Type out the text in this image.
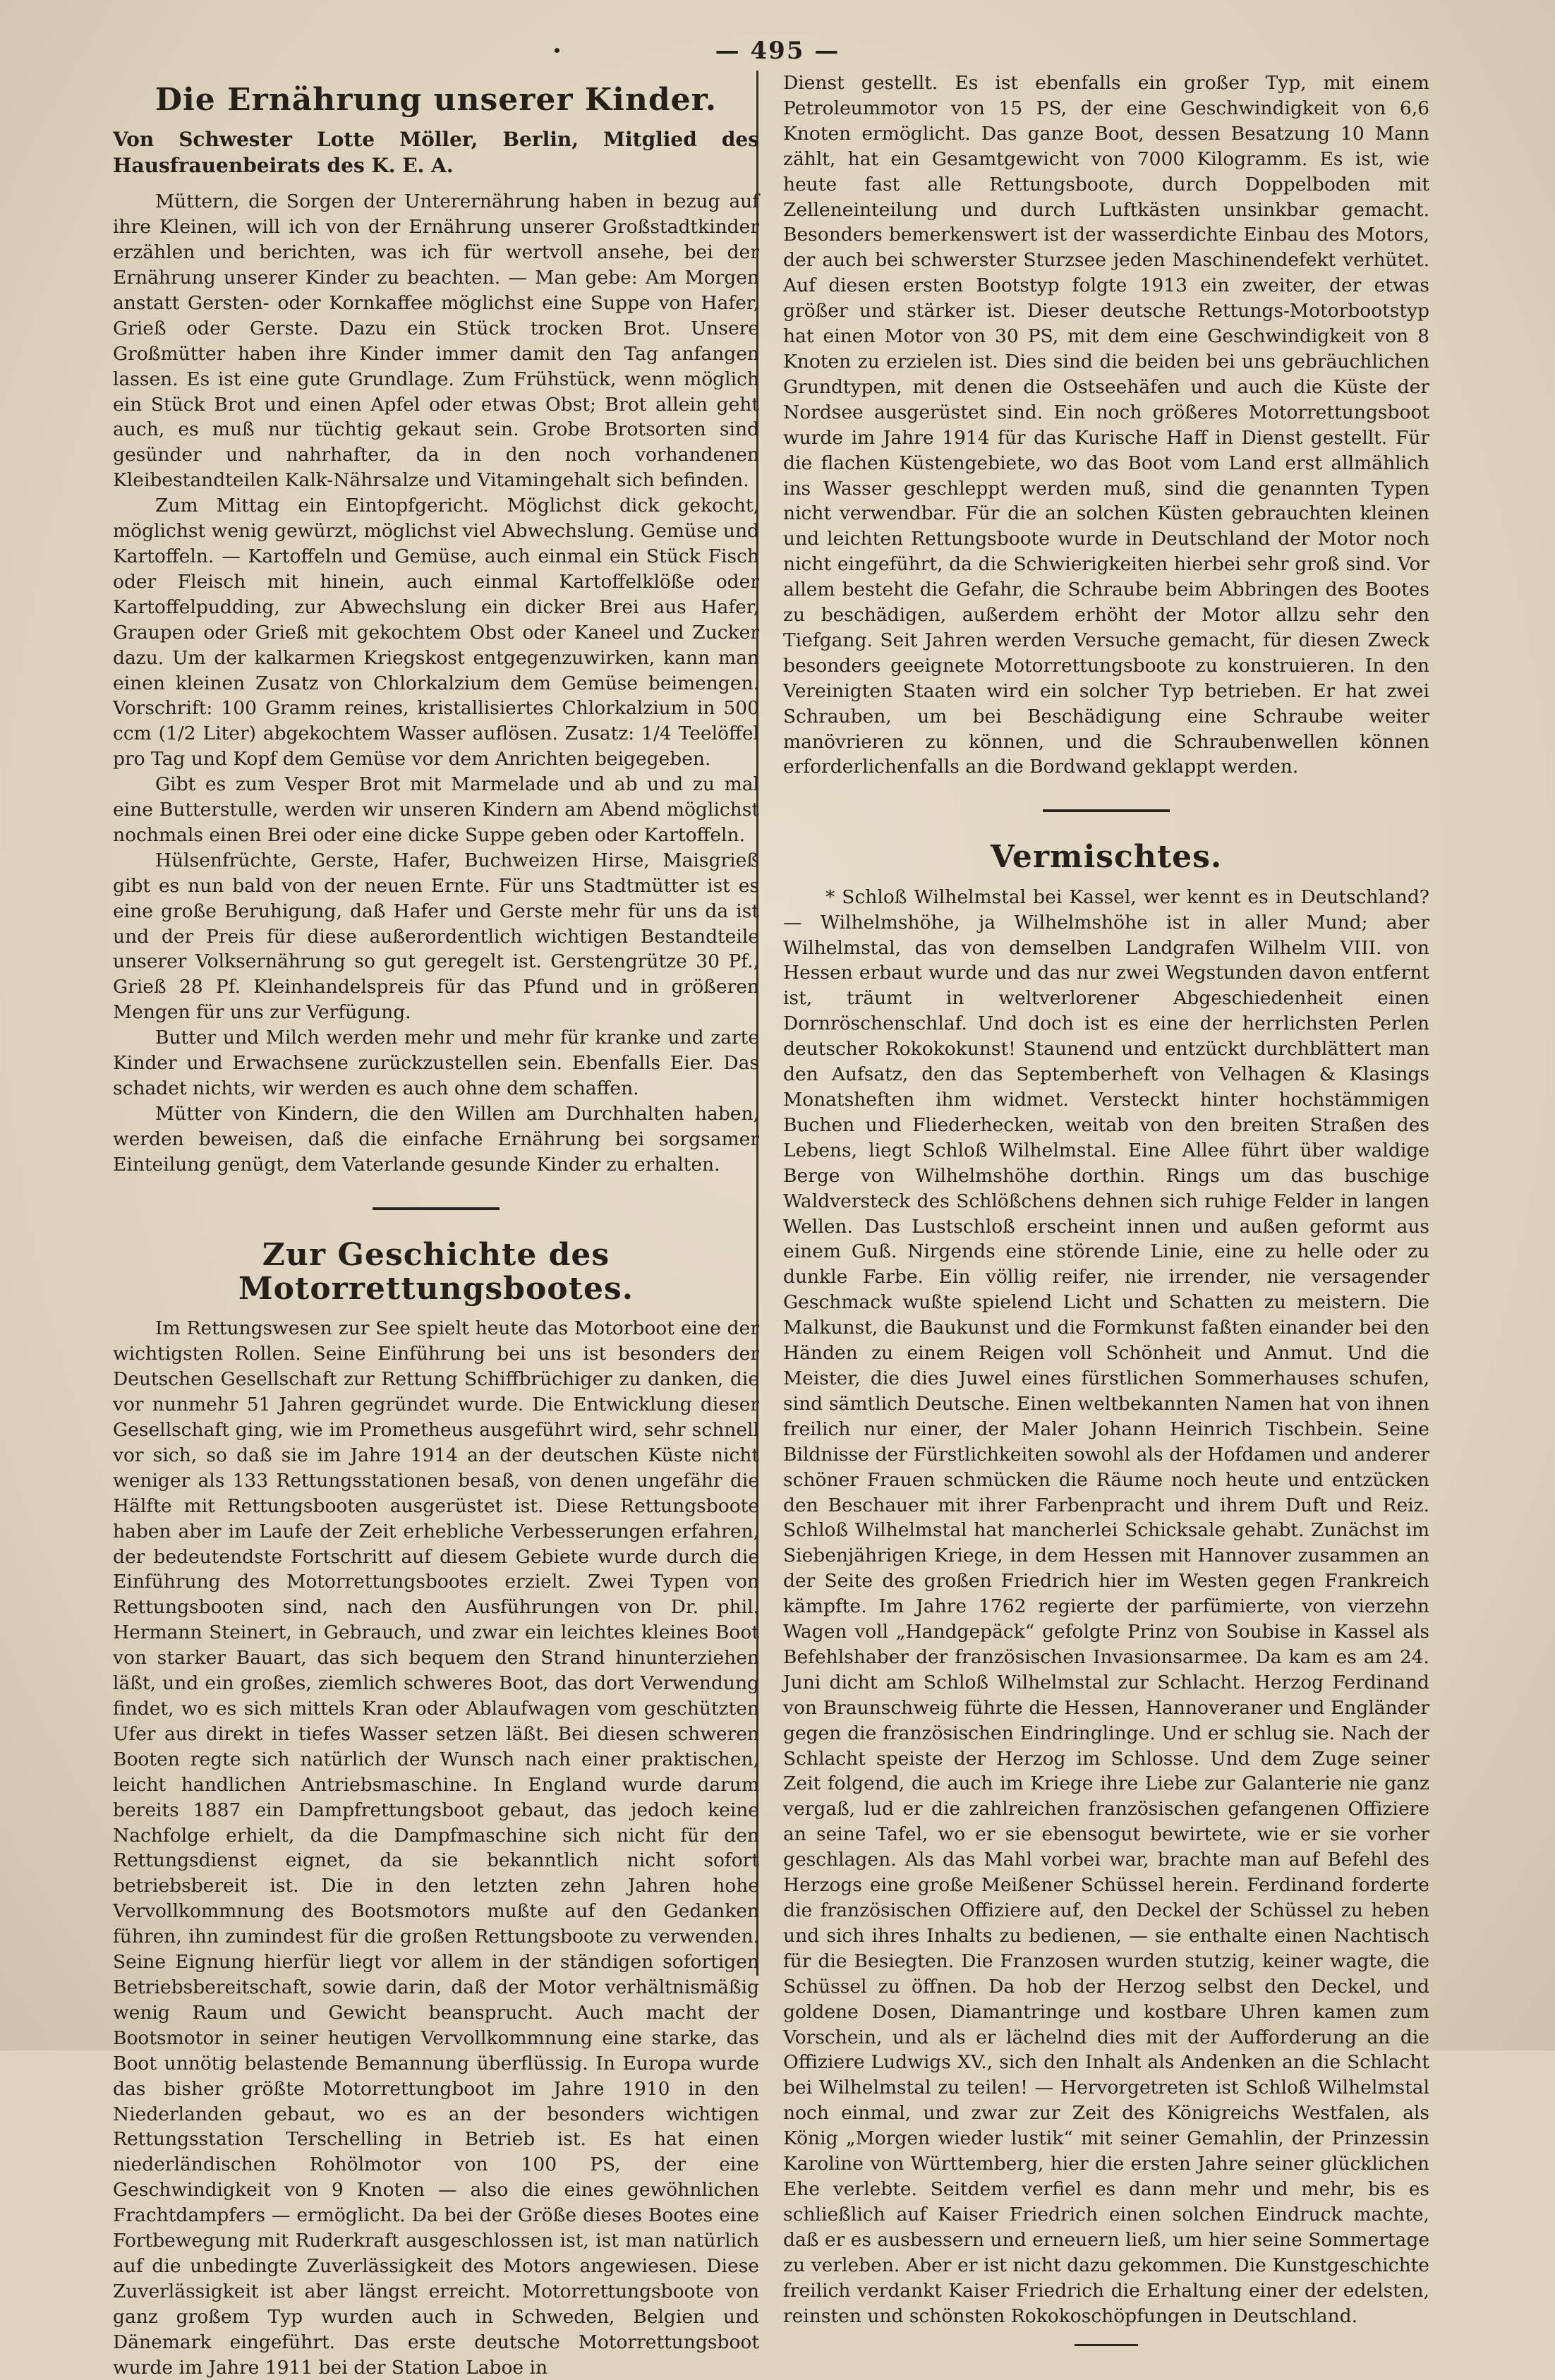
— 495 —
Die Ernährung unserer Kinder.
Von Schwester Lotte Möller, Berlin, Mitglied des Hausfrauenbeirats des K. E. A.

Müttern, die Sorgen der Unterernährung haben in bezug auf ihre Kleinen, will ich von der Ernährung unserer Großstadtkinder erzählen und berichten, was ich für wertvoll ansehe, bei der Ernährung unserer Kinder zu beachten. — Man gebe: Am Morgen anstatt Gersten- oder Kornkaffee möglichst eine Suppe von Hafer, Grieß oder Gerste. Dazu ein Stück trocken Brot. Unsere Großmütter haben ihre Kinder immer damit den Tag anfangen lassen. Es ist eine gute Grundlage. Zum Frühstück, wenn möglich ein Stück Brot und einen Apfel oder etwas Obst; Brot allein geht auch, es muß nur tüchtig gekaut sein. Grobe Brotsorten sind gesünder und nahrhafter, da in den noch vorhandenen Kleibestandteilen Kalk-Nährsalze und Vitamingehalt sich befinden.

Zum Mittag ein Eintopfgericht. Möglichst dick gekocht, möglichst wenig gewürzt, möglichst viel Abwechslung. Gemüse und Kartoffeln. — Kartoffeln und Gemüse, auch einmal ein Stück Fisch oder Fleisch mit hinein, auch einmal Kartoffelklöße oder Kartoffelpudding, zur Abwechslung ein dicker Brei aus Hafer, Graupen oder Grieß mit gekochtem Obst oder Kaneel und Zucker dazu. Um der kalkarmen Kriegskost entgegenzuwirken, kann man einen kleinen Zusatz von Chlorkalzium dem Gemüse beimengen. Vorschrift: 100 Gramm reines, kristallisiertes Chlorkalzium in 500 ccm (1/2 Liter) abgekochtem Wasser auflösen. Zusatz: 1/4 Teelöffel pro Tag und Kopf dem Gemüse vor dem Anrichten beigegeben.

Gibt es zum Vesper Brot mit Marmelade und ab und zu mal eine Butterstulle, werden wir unseren Kindern am Abend möglichst nochmals einen Brei oder eine dicke Suppe geben oder Kartoffeln.

Hülsenfrüchte, Gerste, Hafer, Buchweizen Hirse, Maisgrieß gibt es nun bald von der neuen Ernte. Für uns Stadtmütter ist es eine große Beruhigung, daß Hafer und Gerste mehr für uns da ist und der Preis für diese außerordentlich wichtigen Bestandteile unserer Volksernährung so gut geregelt ist. Gerstengrütze 30 Pf., Grieß 28 Pf. Kleinhandelspreis für das Pfund und in größeren Mengen für uns zur Verfügung.

Butter und Milch werden mehr und mehr für kranke und zarte Kinder und Erwachsene zurückzustellen sein. Ebenfalls Eier. Das schadet nichts, wir werden es auch ohne dem schaffen.

Mütter von Kindern, die den Willen am Durchhalten haben, werden beweisen, daß die einfache Ernährung bei sorgsamer Einteilung genügt, dem Vaterlande gesunde Kinder zu erhalten.

Zur Geschichte des Motorrettungsbootes.

Im Rettungswesen zur See spielt heute das Motorboot eine der wichtigsten Rollen. Seine Einführung bei uns ist besonders der Deutschen Gesellschaft zur Rettung Schiffbrüchiger zu danken, die vor nunmehr 51 Jahren gegründet wurde. Die Entwicklung dieser Gesellschaft ging, wie im Prometheus ausgeführt wird, sehr schnell vor sich, so daß sie im Jahre 1914 an der deutschen Küste nicht weniger als 133 Rettungsstationen besaß, von denen ungefähr die Hälfte mit Rettungsbooten ausgerüstet ist. Diese Rettungsboote haben aber im Laufe der Zeit erhebliche Verbesserungen erfahren, der bedeutendste Fortschritt auf diesem Gebiete wurde durch die Einführung des Motorrettungsbootes erzielt. Zwei Typen von Rettungsbooten sind, nach den Ausführungen von Dr. phil. Hermann Steinert, in Gebrauch, und zwar ein leichtes kleines Boot von starker Bauart, das sich bequem den Strand hinunterziehen läßt, und ein großes, ziemlich schweres Boot, das dort Verwendung findet, wo es sich mittels Kran oder Ablaufwagen vom geschützten Ufer aus direkt in tiefes Wasser setzen läßt. Bei diesen schweren Booten regte sich natürlich der Wunsch nach einer praktischen, leicht handlichen Antriebsmaschine. In England wurde darum bereits 1887 ein Dampfrettungsboot gebaut, das jedoch keine Nachfolge erhielt, da die Dampfmaschine sich nicht für den Rettungsdienst eignet, da sie bekanntlich nicht sofort betriebsbereit ist. Die in den letzten zehn Jahren hohe Vervollkommnung des Bootsmotors mußte auf den Gedanken führen, ihn zumindest für die großen Rettungsboote zu verwenden. Seine Eignung hierfür liegt vor allem in der ständigen sofortigen Betriebsbereitschaft, sowie darin, daß der Motor verhältnismäßig wenig Raum und Gewicht beansprucht. Auch macht der Bootsmotor in seiner heutigen Vervollkommnung eine starke, das Boot unnötig belastende Bemannung überflüssig. In Europa wurde das bisher größte Motorrettungboot im Jahre 1910 in den Niederlanden gebaut, wo es an der besonders wichtigen Rettungsstation Terschelling in Betrieb ist. Es hat einen niederländischen Rohölmotor von 100 PS, der eine Geschwindigkeit von 9 Knoten — also die eines gewöhnlichen Frachtdampfers — ermöglicht. Da bei der Größe dieses Bootes eine Fortbewegung mit Ruderkraft ausgeschlossen ist, ist man natürlich auf die unbedingte Zuverlässigkeit des Motors angewiesen. Diese Zuverlässigkeit ist aber längst erreicht. Motorrettungsboote von ganz großem Typ wurden auch in Schweden, Belgien und Dänemark eingeführt. Das erste deutsche Motorrettungsboot wurde im Jahre 1911 bei der Station Laboe in

Dienst gestellt. Es ist ebenfalls ein großer Typ, mit einem Petroleummotor von 15 PS, der eine Geschwindigkeit von 6,6 Knoten ermöglicht. Das ganze Boot, dessen Besatzung 10 Mann zählt, hat ein Gesamtgewicht von 7000 Kilogramm. Es ist, wie heute fast alle Rettungsboote, durch Doppelboden mit Zelleneinteilung und durch Luftkästen unsinkbar gemacht. Besonders bemerkenswert ist der wasserdichte Einbau des Motors, der auch bei schwerster Sturzsee jeden Maschinendefekt verhütet. Auf diesen ersten Bootstyp folgte 1913 ein zweiter, der etwas größer und stärker ist. Dieser deutsche Rettungs-Motorbootstyp hat einen Motor von 30 PS, mit dem eine Geschwindigkeit von 8 Knoten zu erzielen ist. Dies sind die beiden bei uns gebräuchlichen Grundtypen, mit denen die Ostseehäfen und auch die Küste der Nordsee ausgerüstet sind. Ein noch größeres Motorrettungsboot wurde im Jahre 1914 für das Kurische Haff in Dienst gestellt. Für die flachen Küstengebiete, wo das Boot vom Land erst allmählich ins Wasser geschleppt werden muß, sind die genannten Typen nicht verwendbar. Für die an solchen Küsten gebrauchten kleinen und leichten Rettungsboote wurde in Deutschland der Motor noch nicht eingeführt, da die Schwierigkeiten hierbei sehr groß sind. Vor allem besteht die Gefahr, die Schraube beim Abbringen des Bootes zu beschädigen, außerdem erhöht der Motor allzu sehr den Tiefgang. Seit Jahren werden Versuche gemacht, für diesen Zweck besonders geeignete Motorrettungsboote zu konstruieren. In den Vereinigten Staaten wird ein solcher Typ betrieben. Er hat zwei Schrauben, um bei Beschädigung eine Schraube weiter manövrieren zu können, und die Schraubenwellen können erforderlichenfalls an die Bordwand geklappt werden.

Vermischtes.

* Schloß Wilhelmstal bei Kassel, wer kennt es in Deutschland? — Wilhelmshöhe, ja Wilhelmshöhe ist in aller Mund; aber Wilhelmstal, das von demselben Landgrafen Wilhelm VIII. von Hessen erbaut wurde und das nur zwei Wegstunden davon entfernt ist, träumt in weltverlorener Abgeschiedenheit einen Dornröschenschlaf. Und doch ist es eine der herrlichsten Perlen deutscher Rokokokunst! Staunend und entzückt durchblättert man den Aufsatz, den das Septemberheft von Velhagen & Klasings Monatsheften ihm widmet. Versteckt hinter hochstämmigen Buchen und Fliederhecken, weitab von den breiten Straßen des Lebens, liegt Schloß Wilhelmstal. Eine Allee führt über waldige Berge von Wilhelmshöhe dorthin. Rings um das buschige Waldversteck des Schlößchens dehnen sich ruhige Felder in langen Wellen. Das Lustschloß erscheint innen und außen geformt aus einem Guß. Nirgends eine störende Linie, eine zu helle oder zu dunkle Farbe. Ein völlig reifer, nie irrender, nie versagender Geschmack wußte spielend Licht und Schatten zu meistern. Die Malkunst, die Baukunst und die Formkunst faßten einander bei den Händen zu einem Reigen voll Schönheit und Anmut. Und die Meister, die dies Juwel eines fürstlichen Sommerhauses schufen, sind sämtlich Deutsche. Einen weltbekannten Namen hat von ihnen freilich nur einer, der Maler Johann Heinrich Tischbein. Seine Bildnisse der Fürstlichkeiten sowohl als der Hofdamen und anderer schöner Frauen schmücken die Räume noch heute und entzücken den Beschauer mit ihrer Farbenpracht und ihrem Duft und Reiz. Schloß Wilhelmstal hat mancherlei Schicksale gehabt. Zunächst im Siebenjährigen Kriege, in dem Hessen mit Hannover zusammen an der Seite des großen Friedrich hier im Westen gegen Frankreich kämpfte. Im Jahre 1762 regierte der parfümierte, von vierzehn Wagen voll „Handgepäck“ gefolgte Prinz von Soubise in Kassel als Befehlshaber der französischen Invasionsarmee. Da kam es am 24. Juni dicht am Schloß Wilhelmstal zur Schlacht. Herzog Ferdinand von Braunschweig führte die Hessen, Hannoveraner und Engländer gegen die französischen Eindringlinge. Und er schlug sie. Nach der Schlacht speiste der Herzog im Schlosse. Und dem Zuge seiner Zeit folgend, die auch im Kriege ihre Liebe zur Galanterie nie ganz vergaß, lud er die zahlreichen französischen gefangenen Offiziere an seine Tafel, wo er sie ebensogut bewirtete, wie er sie vorher geschlagen. Als das Mahl vorbei war, brachte man auf Befehl des Herzogs eine große Meißener Schüssel herein. Ferdinand forderte die französischen Offiziere auf, den Deckel der Schüssel zu heben und sich ihres Inhalts zu bedienen, — sie enthalte einen Nachtisch für die Besiegten. Die Franzosen wurden stutzig, keiner wagte, die Schüssel zu öffnen. Da hob der Herzog selbst den Deckel, und goldene Dosen, Diamantringe und kostbare Uhren kamen zum Vorschein, und als er lächelnd dies mit der Aufforderung an die Offiziere Ludwigs XV., sich den Inhalt als Andenken an die Schlacht bei Wilhelmstal zu teilen! — Hervorgetreten ist Schloß Wilhelmstal noch einmal, und zwar zur Zeit des Königreichs Westfalen, als König „Morgen wieder lustik“ mit seiner Gemahlin, der Prinzessin Karoline von Württemberg, hier die ersten Jahre seiner glücklichen Ehe verlebte. Seitdem verfiel es dann mehr und mehr, bis es schließlich auf Kaiser Friedrich einen solchen Eindruck machte, daß er es ausbessern und erneuern ließ, um hier seine Sommertage zu verleben. Aber er ist nicht dazu gekommen. Die Kunstgeschichte freilich verdankt Kaiser Friedrich die Erhaltung einer der edelsten, reinsten und schönsten Rokokoschöpfungen in Deutschland.
